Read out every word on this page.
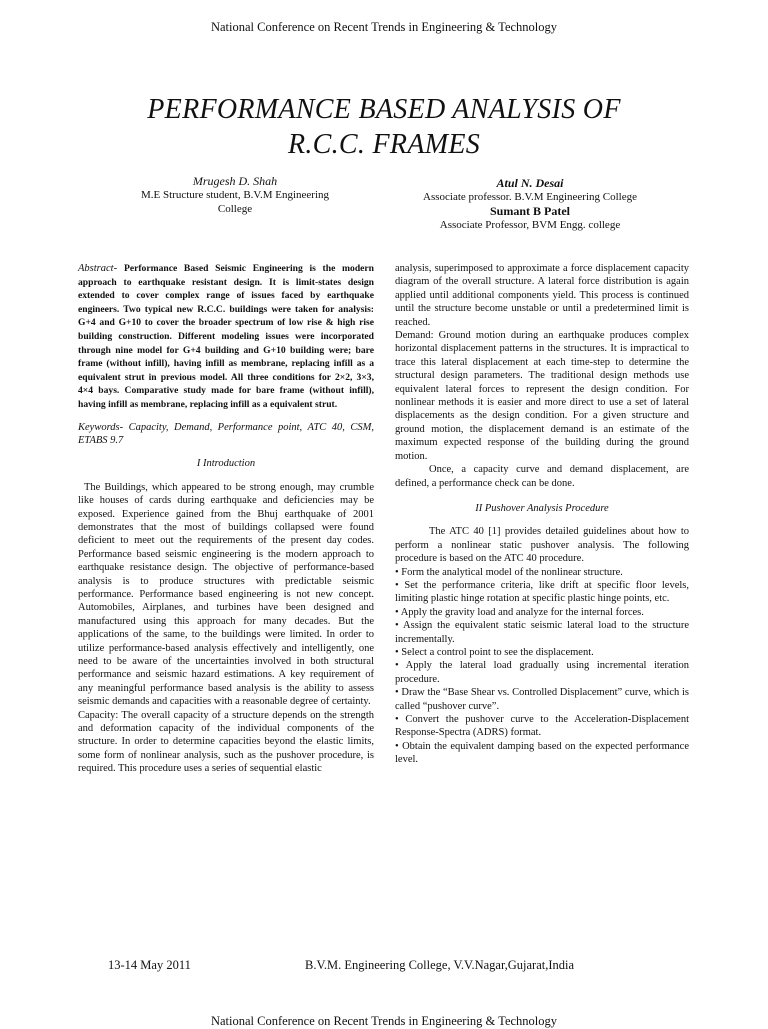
National Conference on Recent Trends in Engineering & Technology
PERFORMANCE BASED ANALYSIS OF
R.C.C. FRAMES
Mrugesh D. Shah
M.E Structure student, B.V.M Engineering
College
Atul N. Desai
Associate professor. B.V.M Engineering College
Sumant B Patel
Associate Professor, BVM Engg. college

Abstract- Performance Based Seismic Engineering is the modern approach to earthquake resistant design. It is limit-states design extended to cover complex range of issues faced by earthquake engineers. Two typical new R.C.C. buildings were taken for analysis: G+4 and G+10 to cover the broader spectrum of low rise & high rise building construction. Different modeling issues were incorporated through nine model for G+4 building and G+10 building were; bare frame (without infill), having infill as membrane, replacing infill as a equivalent strut in previous model. All three conditions for 2×2, 3×3, 4×4 bays. Comparative study made for bare frame (without infill), having infill as membrane, replacing infill as a equivalent strut.

Keywords- Capacity, Demand, Performance point, ATC 40, CSM, ETABS 9.7

I Introduction

The Buildings, which appeared to be strong enough, may crumble like houses of cards during earthquake and deficiencies may be exposed. Experience gained from the Bhuj earthquake of 2001 demonstrates that the most of buildings collapsed were found deficient to meet out the requirements of the present day codes. Performance based seismic engineering is the modern approach to earthquake resistance design. The objective of performance-based analysis is to produce structures with predictable seismic performance. Performance based engineering is not new concept. Automobiles, Airplanes, and turbines have been designed and manufactured using this approach for many decades. But the applications of the same, to the buildings were limited. In order to utilize performance-based analysis effectively and intelligently, one need to be aware of the uncertainties involved in both structural performance and seismic hazard estimations. A key requirement of any meaningful performance based analysis is the ability to assess seismic demands and capacities with a reasonable degree of certainty.

Capacity: The overall capacity of a structure depends on the strength and deformation capacity of the individual components of the structure. In order to determine capacities beyond the elastic limits, some form of nonlinear analysis, such as the pushover procedure, is required. This procedure uses a series of sequential elastic

analysis, superimposed to approximate a force displacement capacity diagram of the overall structure. A lateral force distribution is again applied until additional components yield. This process is continued until the structure become unstable or until a predetermined limit is reached.

Demand: Ground motion during an earthquake produces complex horizontal displacement patterns in the structures. It is impractical to trace this lateral displacement at each time-step to determine the structural design parameters. The traditional design methods use equivalent lateral forces to represent the design condition. For nonlinear methods it is easier and more direct to use a set of lateral displacements as the design condition. For a given structure and ground motion, the displacement demand is an estimate of the maximum expected response of the building during the ground motion.

Once, a capacity curve and demand displacement, are defined, a performance check can be done.

II Pushover Analysis Procedure

The ATC 40 [1] provides detailed guidelines about how to perform a nonlinear static pushover analysis. The following procedure is based on the ATC 40 procedure.

• Form the analytical model of the nonlinear structure.

• Set the performance criteria, like drift at specific floor levels, limiting plastic hinge rotation at specific plastic hinge points, etc.

• Apply the gravity load and analyze for the internal forces.

• Assign the equivalent static seismic lateral load to the structure incrementally.

• Select a control point to see the displacement.

• Apply the lateral load gradually using incremental iteration procedure.

• Draw the “Base Shear vs. Controlled Displacement” curve, which is called “pushover curve”.

• Convert the pushover curve to the Acceleration-Displacement Response-Spectra (ADRS) format.

• Obtain the equivalent damping based on the expected performance level.

13-14 May 2011	B.V.M. Engineering College, V.V.Nagar,Gujarat,India
National Conference on Recent Trends in Engineering & Technology
